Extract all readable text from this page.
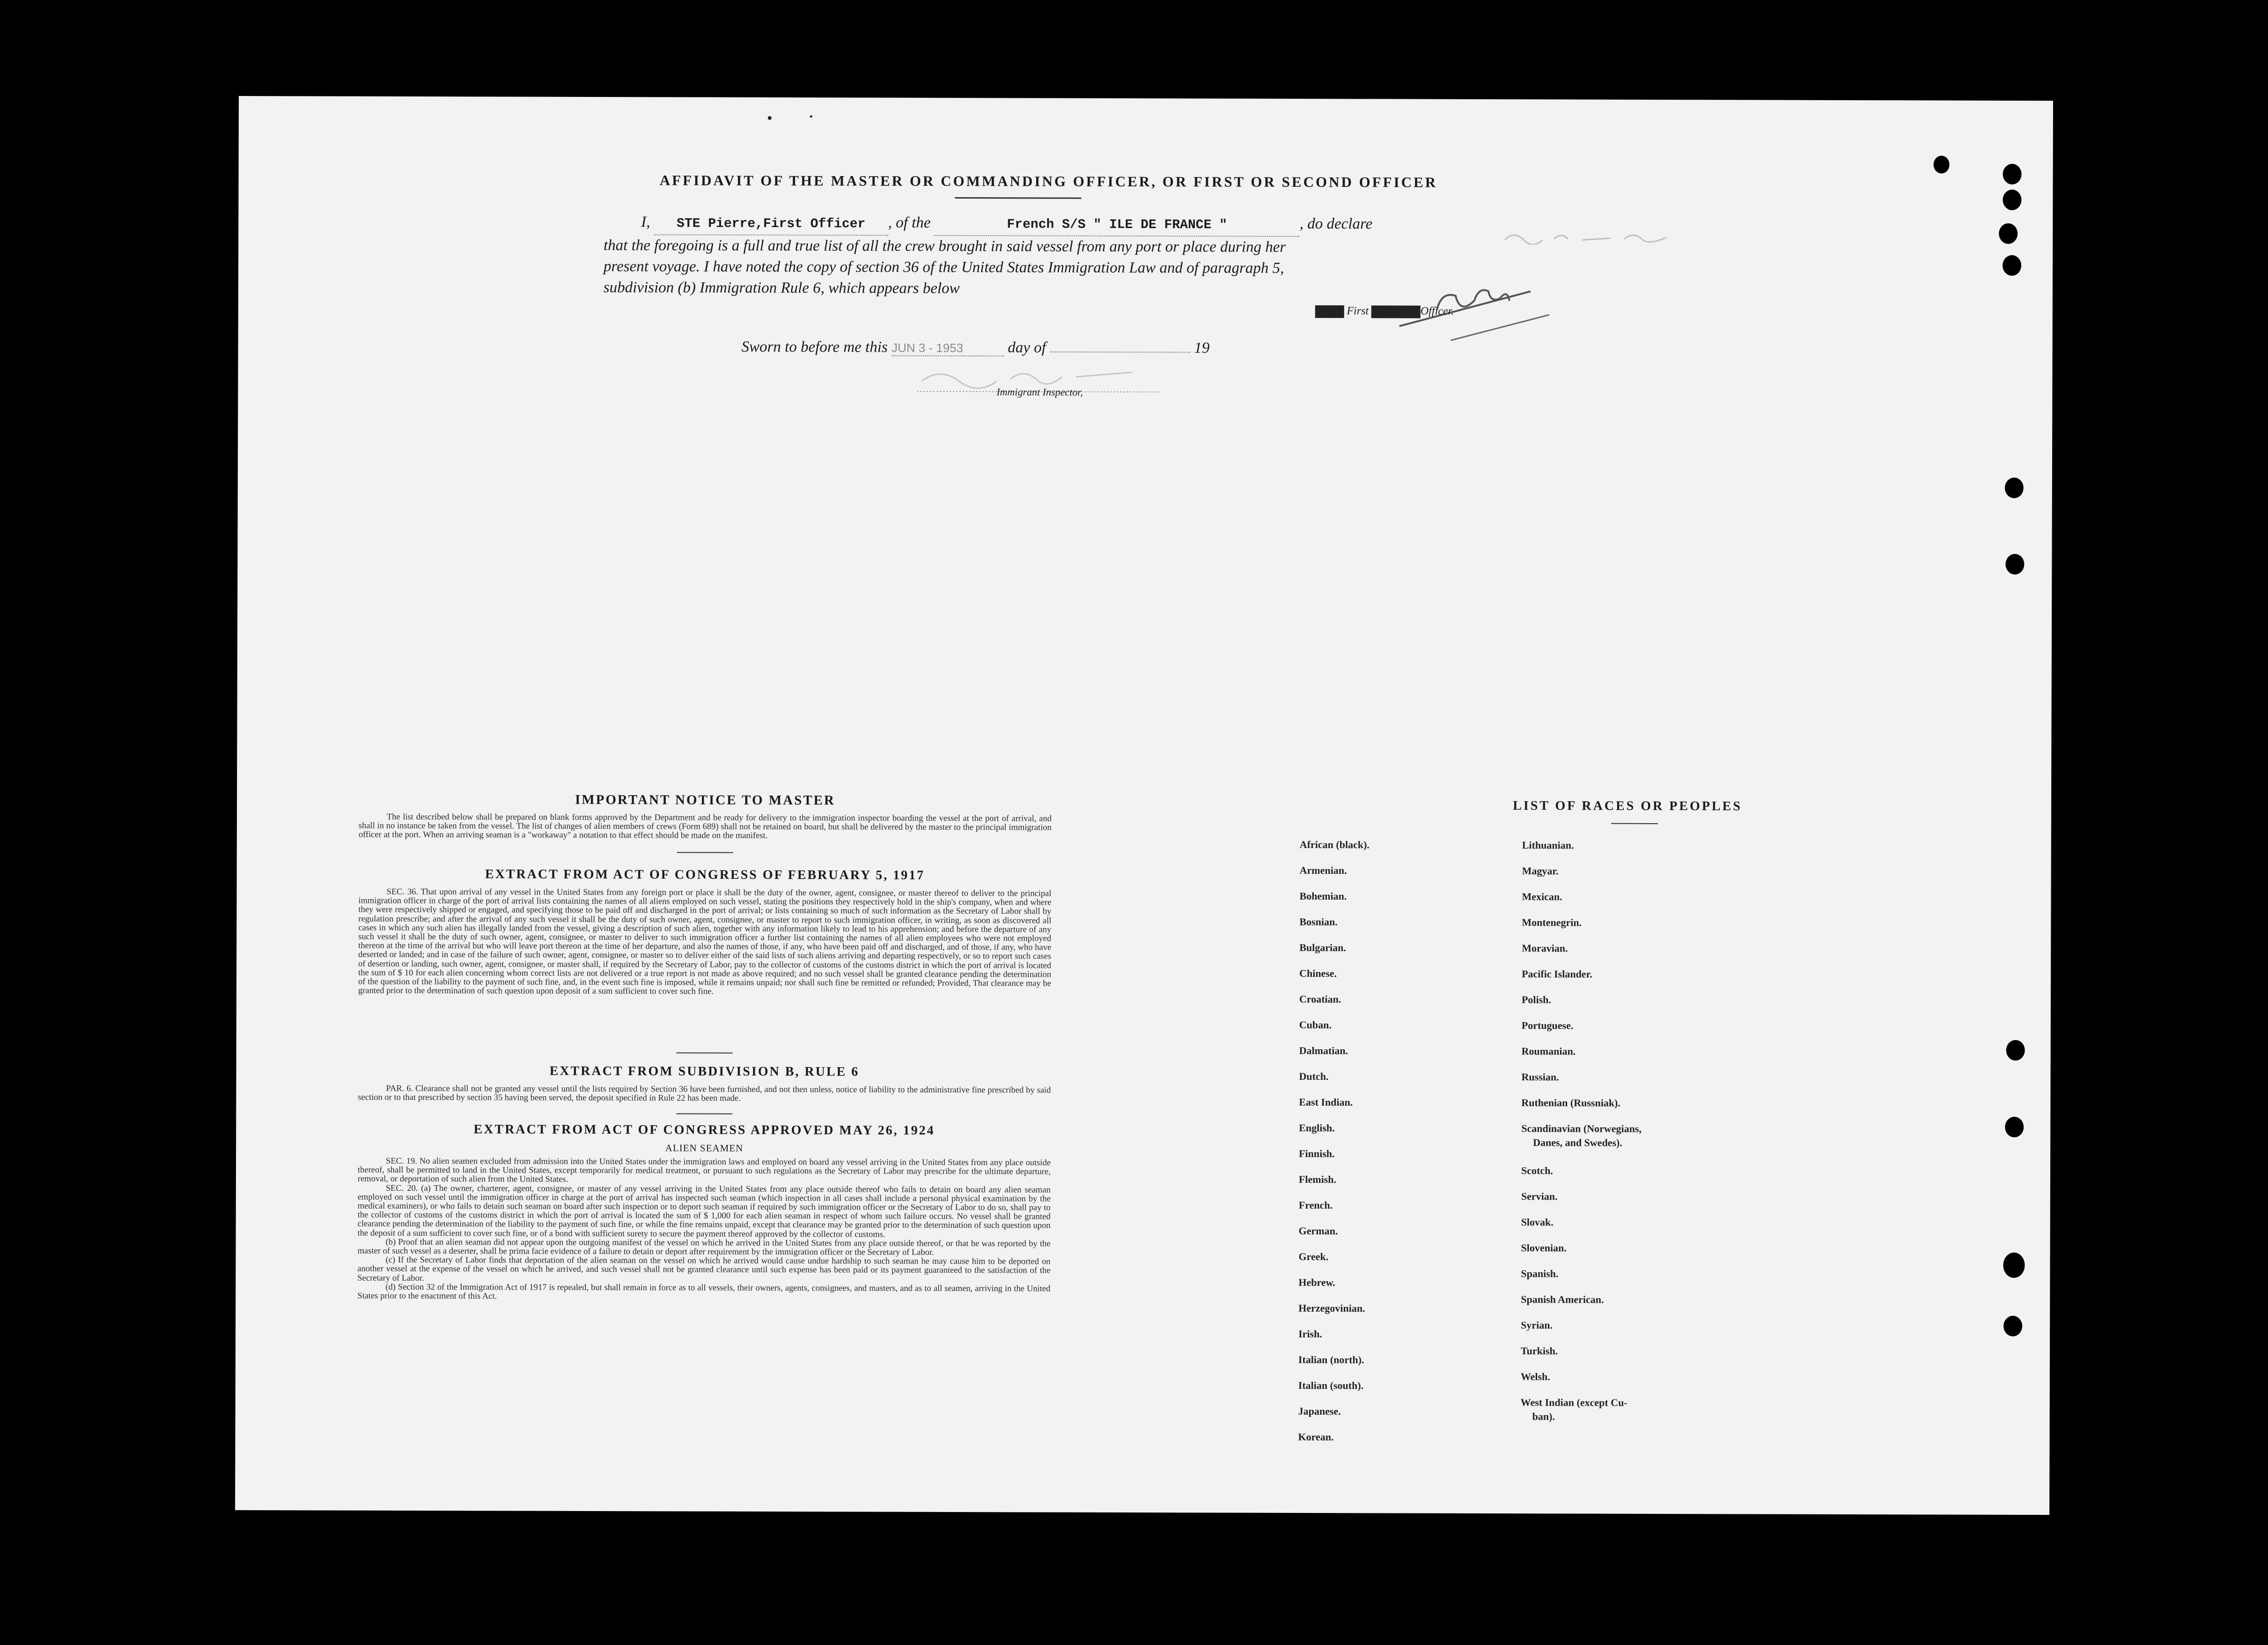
AFFIDAVIT OF THE MASTER OR COMMANDING OFFICER, OR FIRST OR SECOND OFFICER
I, STE Pierre,First Officer , of the	French S/S " ILE DE FRANCE "	, do declare
that the foregoing is a full and true list of all the crew brought in said vessel from any port or place during her
present voyage. I have noted the copy of section 36 of the United States Immigration Law and of paragraph 5,
subdivision (b) Immigration Rule 6, which appears below
MMMM First OOOOOOOOfficer.
Sworn to before me this JUN 3 - 1953	day of	19
Immigrant Inspector,
IMPORTANT NOTICE TO MASTER

The list described below shall be prepared on blank forms approved by the Department and be ready for delivery to the immigration inspector boarding the vessel at the port of arrival, and shall in no instance be taken from the vessel. The list of changes of alien members of crews (Form 689) shall not be retained on board, but shall be delivered by the master to the principal immigration officer at the port. When an arriving seaman is a "workaway" a notation to that effect should be made on the manifest.

EXTRACT FROM ACT OF CONGRESS OF FEBRUARY 5, 1917

SEC. 36. That upon arrival of any vessel in the United States from any foreign port or place it shall be the duty of the owner, agent, consignee, or master thereof to deliver to the principal immigration officer in charge of the port of arrival lists containing the names of all aliens employed on such vessel, stating the positions they respectively hold in the ship's company, when and where they were respectively shipped or engaged, and specifying those to be paid off and discharged in the port of arrival; or lists containing so much of such information as the Secretary of Labor shall by regulation prescribe; and after the arrival of any such vessel it shall be the duty of such owner, agent, consignee, or master to report to such immigration officer, in writing, as soon as discovered all cases in which any such alien has illegally landed from the vessel, giving a description of such alien, together with any information likely to lead to his apprehension; and before the departure of any such vessel it shall be the duty of such owner, agent, consignee, or master to deliver to such immigration officer a further list containing the names of all alien employees who were not employed thereon at the time of the arrival but who will leave port thereon at the time of her departure, and also the names of those, if any, who have been paid off and discharged, and of those, if any, who have deserted or landed; and in case of the failure of such owner, agent, consignee, or master so to deliver either of the said lists of such aliens arriving and departing respectively, or so to report such cases of desertion or landing, such owner, agent, consignee, or master shall, if required by the Secretary of Labor, pay to the collector of customs of the customs district in which the port of arrival is located the sum of $ 10 for each alien concerning whom correct lists are not delivered or a true report is not made as above required; and no such vessel shall be granted clearance pending the determination of the question of the liability to the payment of such fine, and, in the event such fine is imposed, while it remains unpaid; nor shall such fine be remitted or refunded; Provided, That clearance may be granted prior to the determination of such question upon deposit of a sum sufficient to cover such fine.

EXTRACT FROM SUBDIVISION B, RULE 6

PAR. 6. Clearance shall not be granted any vessel until the lists required by Section 36 have been furnished, and not then unless, notice of liability to the administrative fine prescribed by said section or to that prescribed by section 35 having been served, the deposit specified in Rule 22 has been made.

EXTRACT FROM ACT OF CONGRESS APPROVED MAY 26, 1924
ALIEN SEAMEN

SEC. 19. No alien seamen excluded from admission into the United States under the immigration laws and employed on board any vessel arriving in the United States from any place outside thereof, shall be permitted to land in the United States, except temporarily for medical treatment, or pursuant to such regulations as the Secretary of Labor may prescribe for the ultimate departure, removal, or deportation of such alien from the United States.

SEC. 20. (a) The owner, charterer, agent, consignee, or master of any vessel arriving in the United States from any place outside thereof who fails to detain on board any alien seaman employed on such vessel until the immigration officer in charge at the port of arrival has inspected such seaman (which inspection in all cases shall include a personal physical examination by the medical examiners), or who fails to detain such seaman on board after such inspection or to deport such seaman if required by such immigration officer or the Secretary of Labor to do so, shall pay to the collector of customs of the customs district in which the port of arrival is located the sum of $ 1,000 for each alien seaman in respect of whom such failure occurs. No vessel shall be granted clearance pending the determination of the liability to the payment of such fine, or while the fine remains unpaid, except that clearance may be granted prior to the determination of such question upon the deposit of a sum sufficient to cover such fine, or of a bond with sufficient surety to secure the payment thereof approved by the collector of customs.

(b) Proof that an alien seaman did not appear upon the outgoing manifest of the vessel on which he arrived in the United States from any place outside thereof, or that he was reported by the master of such vessel as a deserter, shall be prima facie evidence of a failure to detain or deport after requirement by the immigration officer or the Secretary of Labor.

(c) If the Secretary of Labor finds that deportation of the alien seaman on the vessel on which he arrived would cause undue hardship to such seaman he may cause him to be deported on another vessel at the expense of the vessel on which he arrived, and such vessel shall not be granted clearance until such expense has been paid or its payment guaranteed to the satisfaction of the Secretary of Labor.

(d) Section 32 of the Immigration Act of 1917 is repealed, but shall remain in force as to all vessels, their owners, agents, consignees, and masters, and as to all seamen, arriving in the United States prior to the enactment of this Act.

LIST OF RACES OR PEOPLES
African (black).
Armenian.
Bohemian.
Bosnian.
Bulgarian.
Chinese.
Croatian.
Cuban.
Dalmatian.
Dutch.
East Indian.
English.
Finnish.
Flemish.
French.
German.
Greek.
Hebrew.
Herzegovinian.
Irish.
Italian (north).
Italian (south).
Japanese.
Korean.
Lithuanian.
Magyar.
Mexican.
Montenegrin.
Moravian.
Pacific Islander.
Polish.
Portuguese.
Roumanian.
Russian.
Ruthenian (Russniak).
Scandinavian (Norwegians,
Danes, and Swedes).
Scotch.
Servian.
Slovak.
Slovenian.
Spanish.
Spanish American.
Syrian.
Turkish.
Welsh.
West Indian (except Cu-
ban).
